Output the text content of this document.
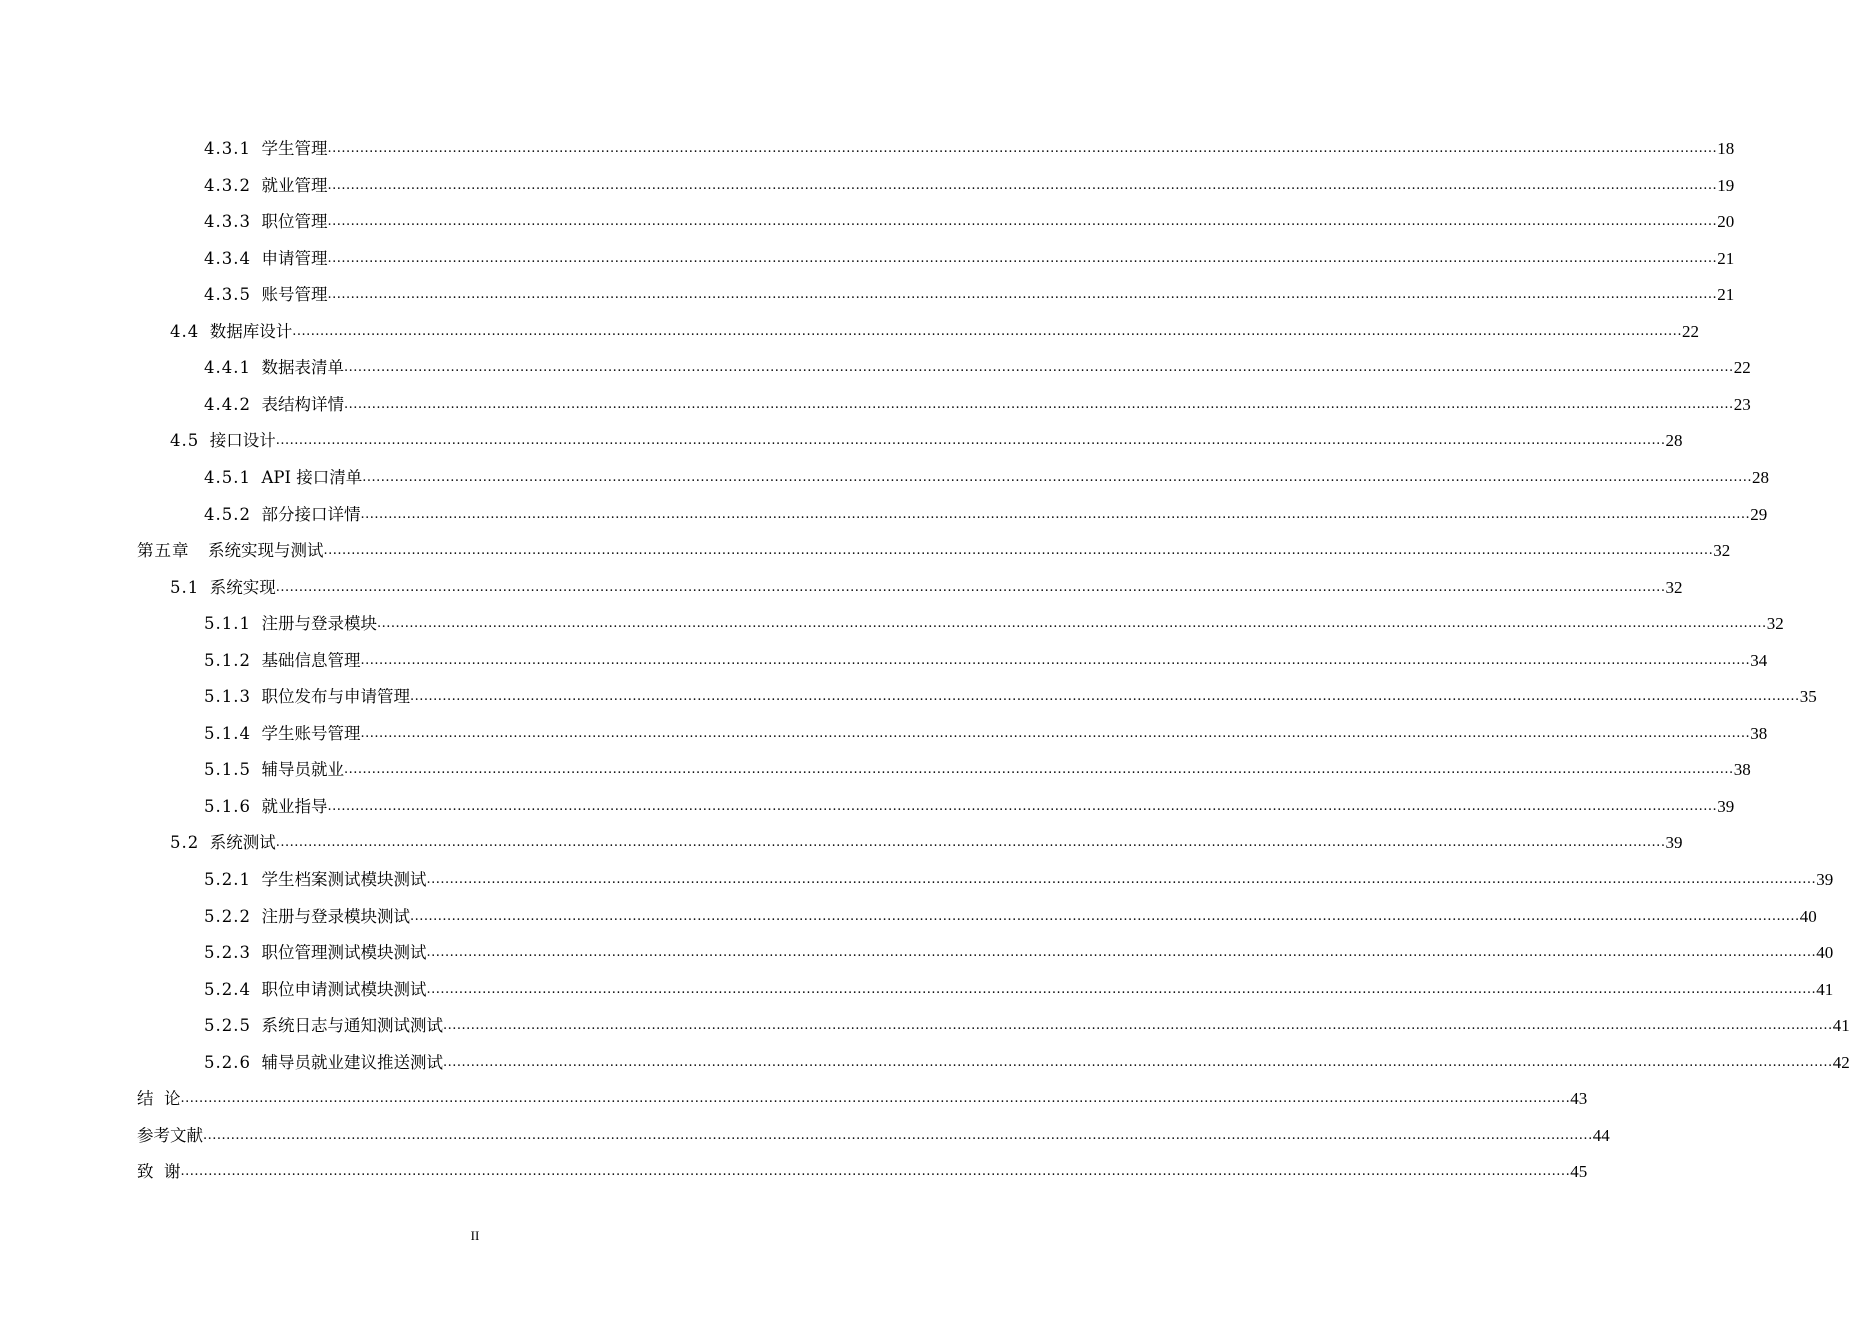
4.3.1
学生管理 ............................................................................................................................................................................................................................................................................................................ 18
4.3.2
就业管理 ............................................................................................................................................................................................................................................................................................................ 19
4.3.3
职位管理 ............................................................................................................................................................................................................................................................................................................ 20
4.3.4
申请管理 ............................................................................................................................................................................................................................................................................................................ 21
4.3.5
账号管理 ............................................................................................................................................................................................................................................................................................................ 21
4.4
数据库设计 ............................................................................................................................................................................................................................................................................................................ 22
4.4.1
数据表清单 ............................................................................................................................................................................................................................................................................................................ 22
4.4.2
表结构详情 ............................................................................................................................................................................................................................................................................................................ 23
4.5
接口设计 ............................................................................................................................................................................................................................................................................................................ 28
4.5.1
API 接口清单 ............................................................................................................................................................................................................................................................................................................ 28
4.5.2
部分接口详情 ............................................................................................................................................................................................................................................................................................................ 29
第五章
系统实现与测试 ............................................................................................................................................................................................................................................................................................................ 32
5.1
系统实现 ............................................................................................................................................................................................................................................................................................................ 32
5.1.1
注册与登录模块 ............................................................................................................................................................................................................................................................................................................ 32
5.1.2
基础信息管理 ............................................................................................................................................................................................................................................................................................................ 34
5.1.3
职位发布与申请管理 ............................................................................................................................................................................................................................................................................................................ 35
5.1.4
学生账号管理 ............................................................................................................................................................................................................................................................................................................ 38
5.1.5
辅导员就业 ............................................................................................................................................................................................................................................................................................................ 38
5.1.6
就业指导 ............................................................................................................................................................................................................................................................................................................ 39
5.2
系统测试 ............................................................................................................................................................................................................................................................................................................ 39
5.2.1
学生档案测试模块测试 ............................................................................................................................................................................................................................................................................................................ 39
5.2.2
注册与登录模块测试 ............................................................................................................................................................................................................................................................................................................ 40
5.2.3
职位管理测试模块测试 ............................................................................................................................................................................................................................................................................................................ 40
5.2.4
职位申请测试模块测试 ............................................................................................................................................................................................................................................................................................................ 41
5.2.5
系统日志与通知测试测试 ............................................................................................................................................................................................................................................................................................................ 41
5.2.6
辅导员就业建议推送测试 ............................................................................................................................................................................................................................................................................................................ 42
结  论 ............................................................................................................................................................................................................................................................................................................ 43
参考文献 ............................................................................................................................................................................................................................................................................................................ 44
致  谢 ............................................................................................................................................................................................................................................................................................................ 45
II
